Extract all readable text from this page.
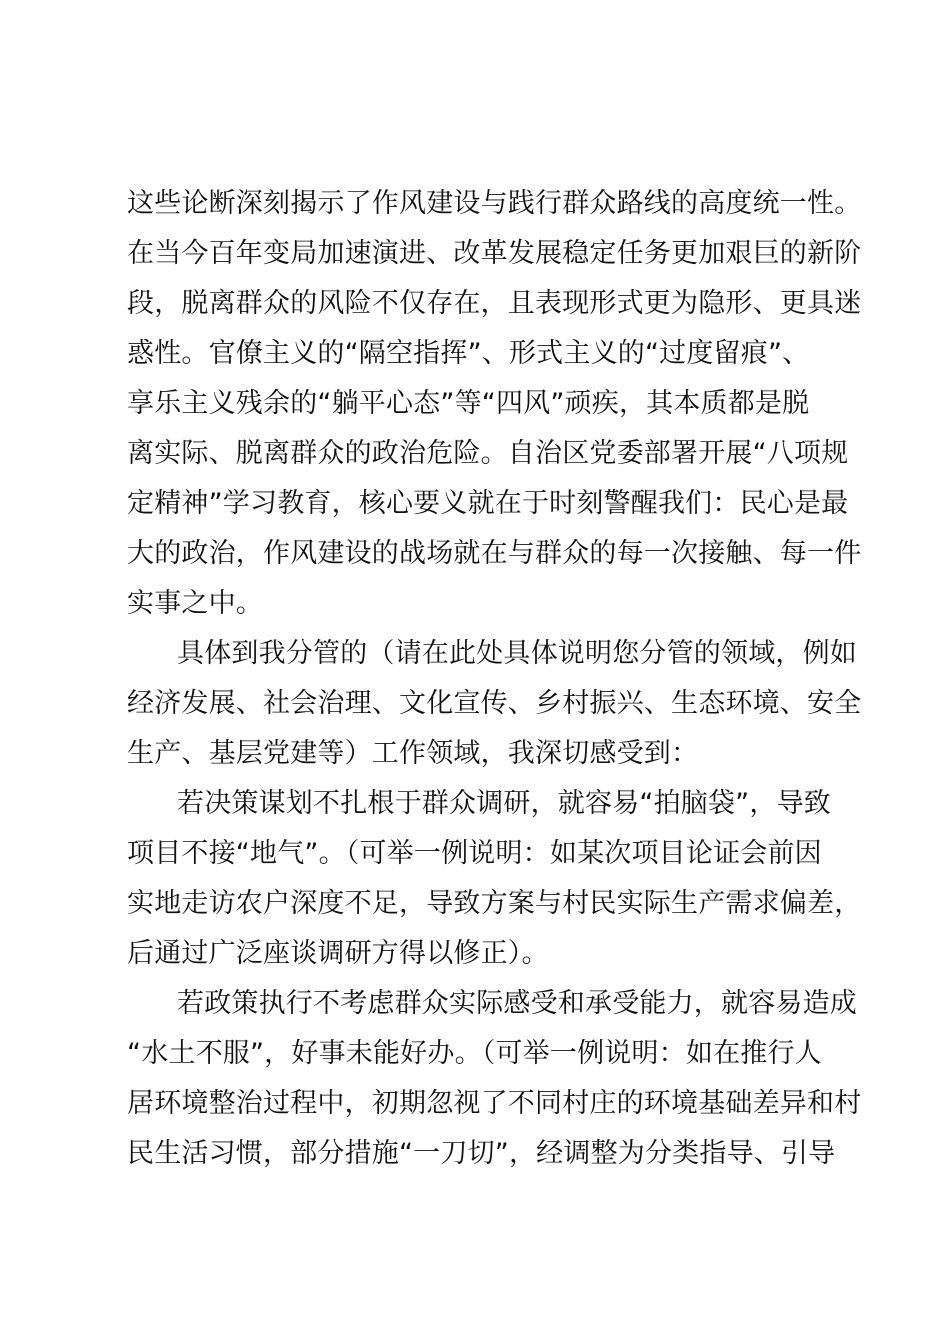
这些论断深刻揭示了作风建设与践行群众路线的高度统一性。
在当今百年变局加速演进、改革发展稳定任务更加艰巨的新阶
段，脱离群众的风险不仅存在，且表现形式更为隐形、更具迷
惑性。官僚主义的“隔空指挥”、形式主义的“过度留痕”、
享乐主义残余的“躺平心态”等“四风”顽疾，其本质都是脱
离实际、脱离群众的政治危险。自治区党委部署开展“八项规
定精神”学习教育，核心要义就在于时刻警醒我们：民心是最
大的政治，作风建设的战场就在与群众的每一次接触、每一件
实事之中。
具体到我分管的（请在此处具体说明您分管的领域，例如
经济发展、社会治理、文化宣传、乡村振兴、生态环境、安全
生产、基层党建等）工作领域，我深切感受到：
若决策谋划不扎根于群众调研，就容易“拍脑袋”，导致
项目不接“地气”。（可举一例说明：如某次项目论证会前因
实地走访农户深度不足，导致方案与村民实际生产需求偏差，
后通过广泛座谈调研方得以修正）。
若政策执行不考虑群众实际感受和承受能力，就容易造成
“水土不服”，好事未能好办。（可举一例说明：如在推行人
居环境整治过程中，初期忽视了不同村庄的环境基础差异和村
民生活习惯，部分措施“一刀切”，经调整为分类指导、引导
